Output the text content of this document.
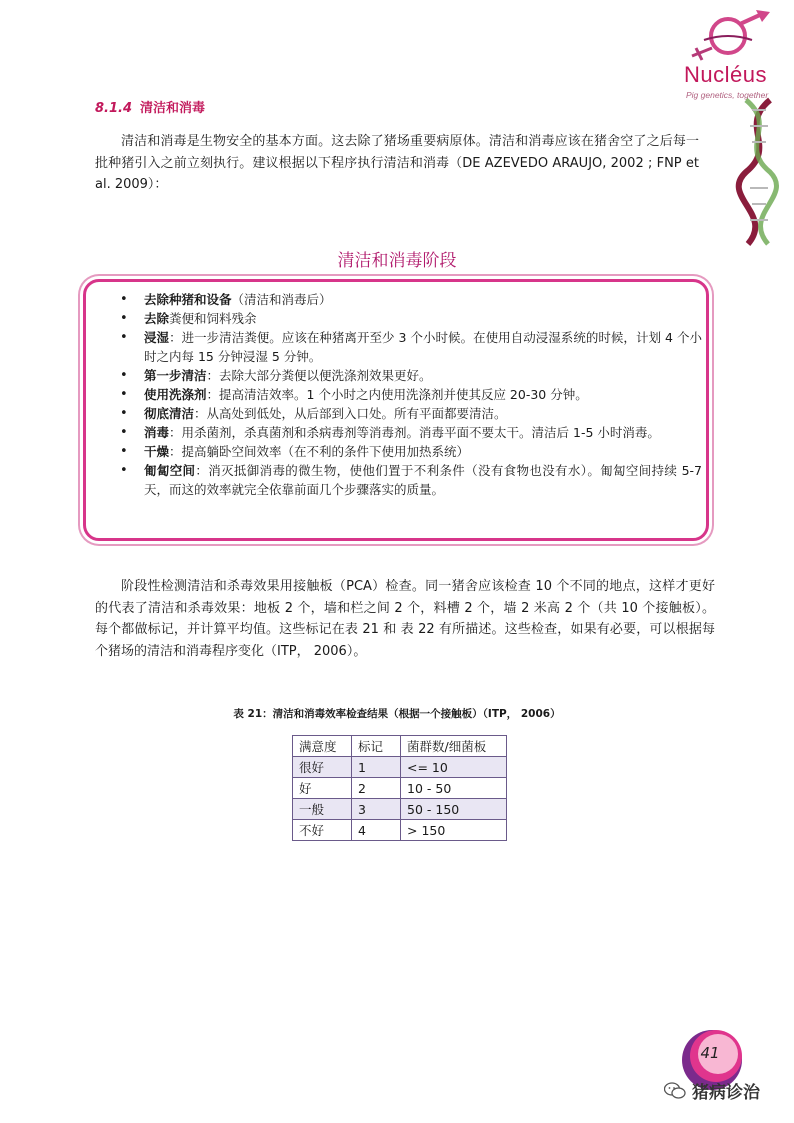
Nucléus
Pig genetics, together
8.1.4 清洁和消毒
清洁和消毒是生物安全的基本方面。这去除了猪场重要病原体。清洁和消毒应该在猪舍空了之后每一批种猪引入之前立刻执行。建议根据以下程序执行清洁和消毒（DE AZEVEDO ARAUJO, 2002 ; FNP et al. 2009）：
清洁和消毒阶段
• 去除种猪和设备（清洁和消毒后）
• 去除粪便和饲料残余
• 浸湿：进一步清洁粪便。应该在种猪离开至少 3 个小时候。在使用自动浸湿系统的时候，计划 4 个小时之内每 15 分钟浸湿 5 分钟。
• 第一步清洁：去除大部分粪便以便洗涤剂效果更好。
• 使用洗涤剂：提高清洁效率。1 个小时之内使用洗涤剂并使其反应 20-30 分钟。
• 彻底清洁：从高处到低处，从后部到入口处。所有平面都要清洁。
• 消毒：用杀菌剂，杀真菌剂和杀病毒剂等消毒剂。消毒平面不要太干。清洁后 1-5 小时消毒。
• 干燥：提高躺卧空间效率（在不利的条件下使用加热系统）
• 匍匐空间：消灭抵御消毒的微生物，使他们置于不利条件（没有食物也没有水）。匍匐空间持续 5-7 天，而这的效率就完全依靠前面几个步骤落实的质量。
阶段性检测清洁和杀毒效果用接触板（PCA）检查。同一猪舍应该检查 10 个不同的地点，这样才更好的代表了清洁和杀毒效果：地板 2 个，墙和栏之间 2 个，料槽 2 个，墙 2 米高 2 个（共 10 个接触板）。每个都做标记，并计算平均值。这些标记在表 21 和 表 22 有所描述。这些检查，如果有必要，可以根据每个猪场的清洁和消毒程序变化（ITP， 2006）。
表 21：清洁和消毒效率检查结果（根据一个接触板）（ITP， 2006）
满意度	标记	菌群数/细菌板
很好	1	<= 10
好	2	10 - 50
一般	3	50 - 150
不好	4	> 150
41
猪病诊治
